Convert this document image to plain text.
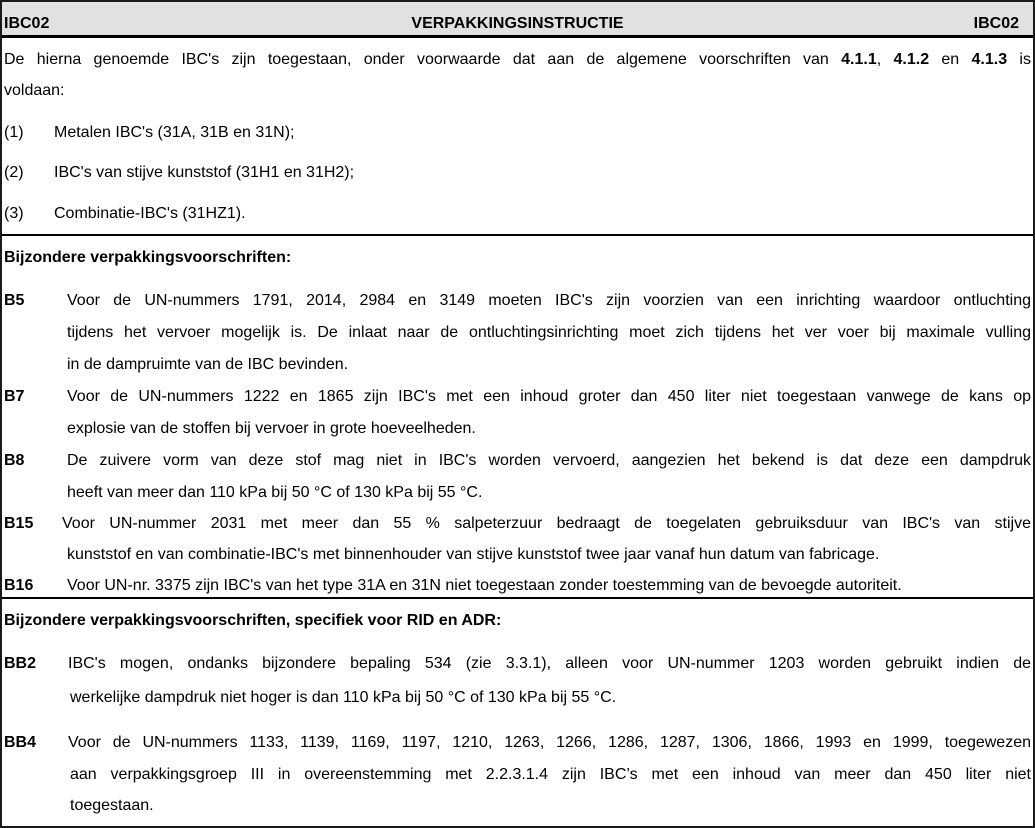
IBC02	VERPAKKINGSINSTRUCTIE	IBC02
De hierna genoemde IBC's zijn toegestaan, onder voorwaarde dat aan de algemene voorschriften van 4.1.1, 4.1.2 en 4.1.3 is
voldaan:
(1) Metalen IBC's (31A, 31B en 31N);
(2) IBC's van stijve kunststof (31H1 en 31H2);
(3) Combinatie-IBC's (31HZ1).
Bijzondere verpakkingsvoorschriften:
B5	Voor de UN-nummers 1791, 2014, 2984 en 3149 moeten IBC's zijn voorzien van een inrichting waardoor ontluchting
tijdens het vervoer mogelijk is. De inlaat naar de ontluchtingsinrichting moet zich tijdens het ver voer bij maximale vulling
in de dampruimte van de IBC bevinden.
B7	Voor de UN-nummers 1222 en 1865 zijn IBC's met een inhoud groter dan 450 liter niet toegestaan vanwege de kans op
explosie van de stoffen bij vervoer in grote hoeveelheden.
B8	De zuivere vorm van deze stof mag niet in IBC's worden vervoerd, aangezien het bekend is dat deze een dampdruk
heeft van meer dan 110 kPa bij 50 °C of 130 kPa bij 55 °C.
B15 Voor UN-nummer 2031 met meer dan 55 % salpeterzuur bedraagt de toegelaten gebruiksduur van IBC's van stijve
kunststof en van combinatie-IBC's met binnenhouder van stijve kunststof twee jaar vanaf hun datum van fabricage.
B16 Voor UN-nr. 3375 zijn IBC's van het type 31A en 31N niet toegestaan zonder toestemming van de bevoegde autoriteit.
Bijzondere verpakkingsvoorschriften, specifiek voor RID en ADR:
BB2 IBC's mogen, ondanks bijzondere bepaling 534 (zie 3.3.1), alleen voor UN-nummer 1203 worden gebruikt indien de
werkelijke dampdruk niet hoger is dan 110 kPa bij 50 °C of 130 kPa bij 55 °C.
BB4 Voor de UN-nummers 1133, 1139, 1169, 1197, 1210, 1263, 1266, 1286, 1287, 1306, 1866, 1993 en 1999, toegewezen
aan verpakkingsgroep III in overeenstemming met 2.2.3.1.4 zijn IBC’s met een inhoud van meer dan 450 liter niet
toegestaan.
